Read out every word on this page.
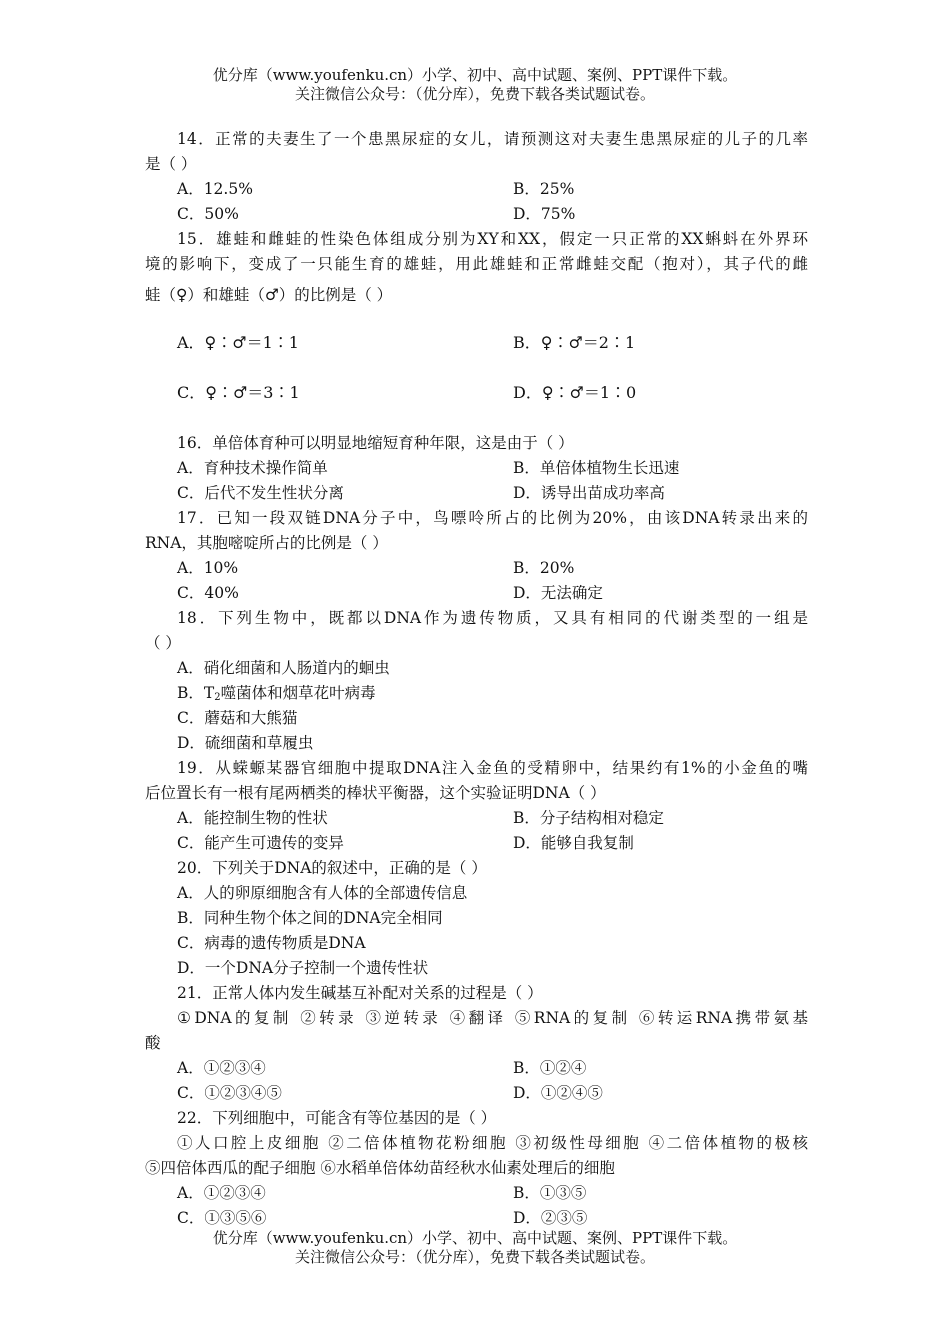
优分库（www.youfenku.cn）小学、初中、高中试题、案例、PPT课件下载。
关注微信公众号：（优分库），免费下载各类试题试卷。
14．正常的夫妻生了一个患黑尿症的女儿，请预测这对夫妻生患黑尿症的儿子的几率
是（ ）
A．12.5%	B．25%
C．50%	D．75%
15．雄蛙和雌蛙的性染色体组成分别为XY和XX，假定一只正常的XX蝌蚪在外界环
境的影响下，变成了一只能生育的雄蛙，用此雄蛙和正常雌蛙交配（抱对），其子代的雌
蛙（♀）和雄蛙（♂）的比例是（ ）
A．♀∶♂＝1∶1	B．♀∶♂＝2∶1
C．♀∶♂＝3∶1	D．♀∶♂＝1∶0
16．单倍体育种可以明显地缩短育种年限，这是由于（ ）
A．育种技术操作简单	B．单倍体植物生长迅速
C．后代不发生性状分离	D．诱导出苗成功率高
17．已知一段双链DNA分子中，鸟嘌呤所占的比例为20%，由该DNA转录出来的
RNA，其胞嘧啶所占的比例是（ ）
A．10%	B．20%
C．40%	D．无法确定
18．下列生物中，既都以DNA作为遗传物质，又具有相同的代谢类型的一组是
（ ）
A．硝化细菌和人肠道内的蛔虫
B．$T_2$噬菌体和烟草花叶病毒
C．蘑菇和大熊猫
D．硫细菌和草履虫
19．从蝾螈某器官细胞中提取DNA注入金鱼的受精卵中，结果约有1%的小金鱼的嘴
后位置长有一根有尾两栖类的棒状平衡器，这个实验证明DNA（ ）
A．能控制生物的性状	B．分子结构相对稳定
C．能产生可遗传的变异	D．能够自我复制
20．下列关于DNA的叙述中，正确的是（ ）
A．人的卵原细胞含有人体的全部遗传信息
B．同种生物个体之间的DNA完全相同
C．病毒的遗传物质是DNA
D．一个DNA分子控制一个遗传性状
21．正常人体内发生碱基互补配对关系的过程是（ ）
①DNA的复制 ②转录 ③逆转录 ④翻译 ⑤RNA的复制 ⑥转运RNA携带氨基
酸
A．①②③④	B．①②④
C．①②③④⑤	D．①②④⑤
22．下列细胞中，可能含有等位基因的是（ ）
①人口腔上皮细胞 ②二倍体植物花粉细胞 ③初级性母细胞 ④二倍体植物的极核
⑤四倍体西瓜的配子细胞 ⑥水稻单倍体幼苗经秋水仙素处理后的细胞
A．①②③④	B．①③⑤
C．①③⑤⑥	D．②③⑤
优分库（www.youfenku.cn）小学、初中、高中试题、案例、PPT课件下载。
关注微信公众号：（优分库），免费下载各类试题试卷。
